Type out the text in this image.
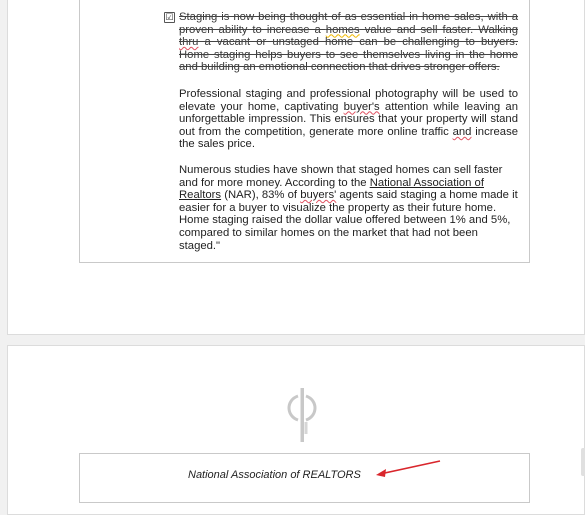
☑ Staging is now being thought of as essential in home sales, with a proven ability to increase a homes value and sell faster. Walking thru a vacant or unstaged home can be challenging to buyers. Home staging helps buyers to see themselves living in the home and building an emotional connection that drives stronger offers.
Professional staging and professional photography will be used to elevate your home, captivating buyer's attention while leaving an unforgettable impression. This ensures that your property will stand out from the competition, generate more online traffic and increase the sales price.
Numerous studies have shown that staged homes can sell faster and for more money. According to the National Association of Realtors (NAR), 83% of buyers' agents said staging a home made it easier for a buyer to visualize the property as their future home. Home staging raised the dollar value offered between 1% and 5%, compared to similar homes on the market that had not been staged."
National Association of REALTORS
